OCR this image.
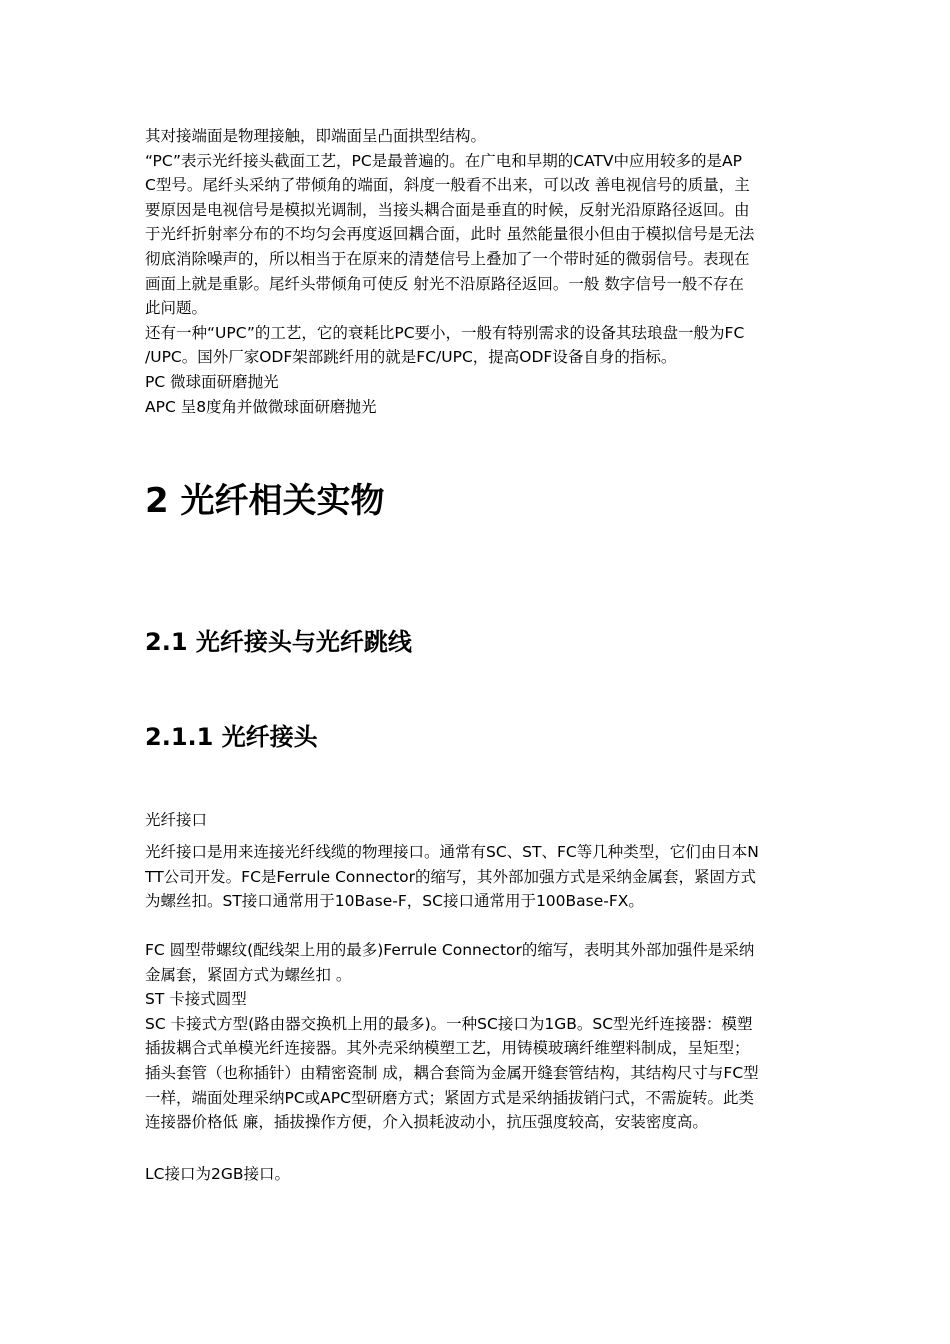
其对接端面是物理接触，即端面呈凸面拱型结构。

“PC”表示光纤接头截面工艺，PC是最普遍的。在广电和早期的CATV中应用较多的是AP

C型号。尾纤头采纳了带倾角的端面，斜度一般看不出来，可以改 善电视信号的质量，主

要原因是电视信号是模拟光调制，当接头耦合面是垂直的时候，反射光沿原路径返回。由

于光纤折射率分布的不均匀会再度返回耦合面，此时 虽然能量很小但由于模拟信号是无法

彻底消除噪声的，所以相当于在原来的清楚信号上叠加了一个带时延的微弱信号。表现在

画面上就是重影。尾纤头带倾角可使反 射光不沿原路径返回。一般 数字信号一般不存在

此问题。

还有一种“UPC”的工艺，它的衰耗比PC要小，一般有特别需求的设备其珐琅盘一般为FC

/UPC。国外厂家ODF架部跳纤用的就是FC/UPC，提高ODF设备自身的指标。

PC 微球面研磨抛光

APC 呈8度角并做微球面研磨抛光

2 光纤相关实物
2.1 光纤接头与光纤跳线
2.1.1 光纤接头

光纤接口

光纤接口是用来连接光纤线缆的物理接口。通常有SC、ST、FC等几种类型，它们由日本N

TT公司开发。FC是Ferrule Connector的缩写，其外部加强方式是采纳金属套，紧固方式

为螺丝扣。ST接口通常用于10Base-F，SC接口通常用于100Base-FX。

FC 圆型带螺纹(配线架上用的最多)Ferrule Connector的缩写，表明其外部加强件是采纳

金属套，紧固方式为螺丝扣 。

ST 卡接式圆型

SC 卡接式方型(路由器交换机上用的最多)。一种SC接口为1GB。SC型光纤连接器：模塑

插拔耦合式单模光纤连接器。其外壳采纳模塑工艺，用铸模玻璃纤维塑料制成，呈矩型；

插头套管（也称插针）由精密瓷制 成，耦合套筒为金属开缝套管结构，其结构尺寸与FC型

一样，端面处理采纳PC或APC型研磨方式；紧固方式是采纳插拔销闩式，不需旋转。此类

连接器价格低 廉，插拔操作方便，介入损耗波动小，抗压强度较高，安装密度高。

LC接口为2GB接口。
